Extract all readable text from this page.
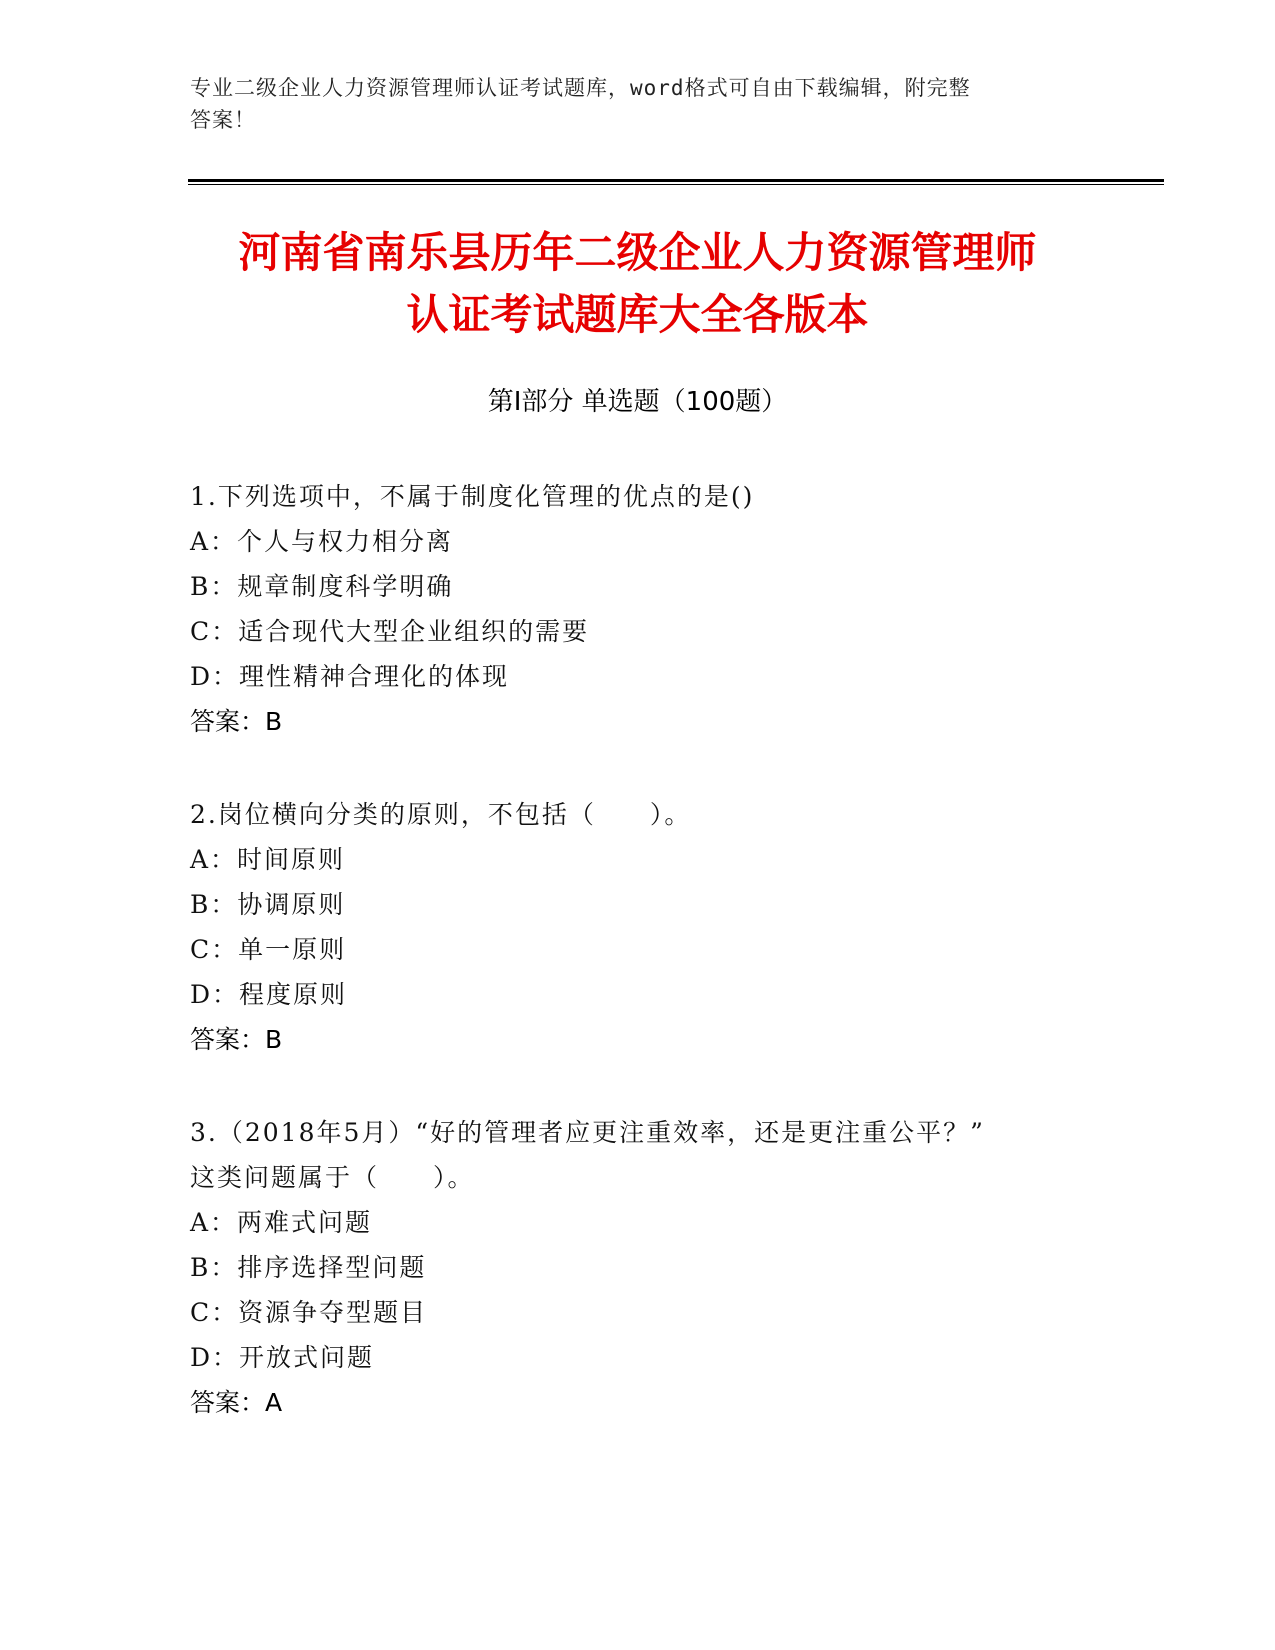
专业二级企业人力资源管理师认证考试题库，word格式可自由下载编辑，附完整
答案！
河南省南乐县历年二级企业人力资源管理师
认证考试题库大全各版本
第Ⅰ部分 单选题（100题）
1.下列选项中，不属于制度化管理的优点的是()
A：个人与权力相分离
B：规章制度科学明确
C：适合现代大型企业组织的需要
D：理性精神合理化的体现
答案：B
2.岗位横向分类的原则，不包括（　　）。
A：时间原则
B：协调原则
C：单一原则
D：程度原则
答案：B
3.（2018年5月）“好的管理者应更注重效率，还是更注重公平？”
这类问题属于（　　）。
A：两难式问题
B：排序选择型问题
C：资源争夺型题目
D：开放式问题
答案：A
